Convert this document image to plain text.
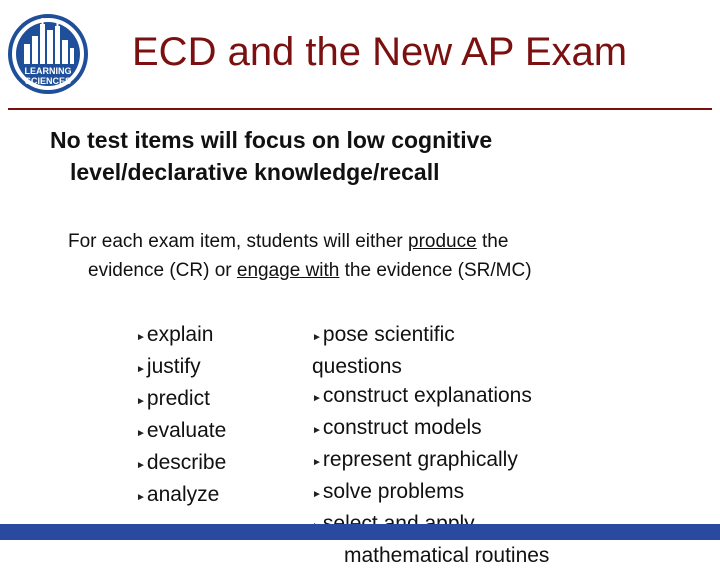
LEARNING
SCIENCES
ECD and the New AP Exam
No test items will focus on low cognitive
level/declarative knowledge/recall
For each exam item, students will either produce the
evidence (CR) or engage with the evidence (SR/MC)
►explain
►justify
►predict
►evaluate
►describe
►analyze
►pose scientific
questions
►construct explanations
►construct models
►represent graphically
►solve problems
mathematical routines
